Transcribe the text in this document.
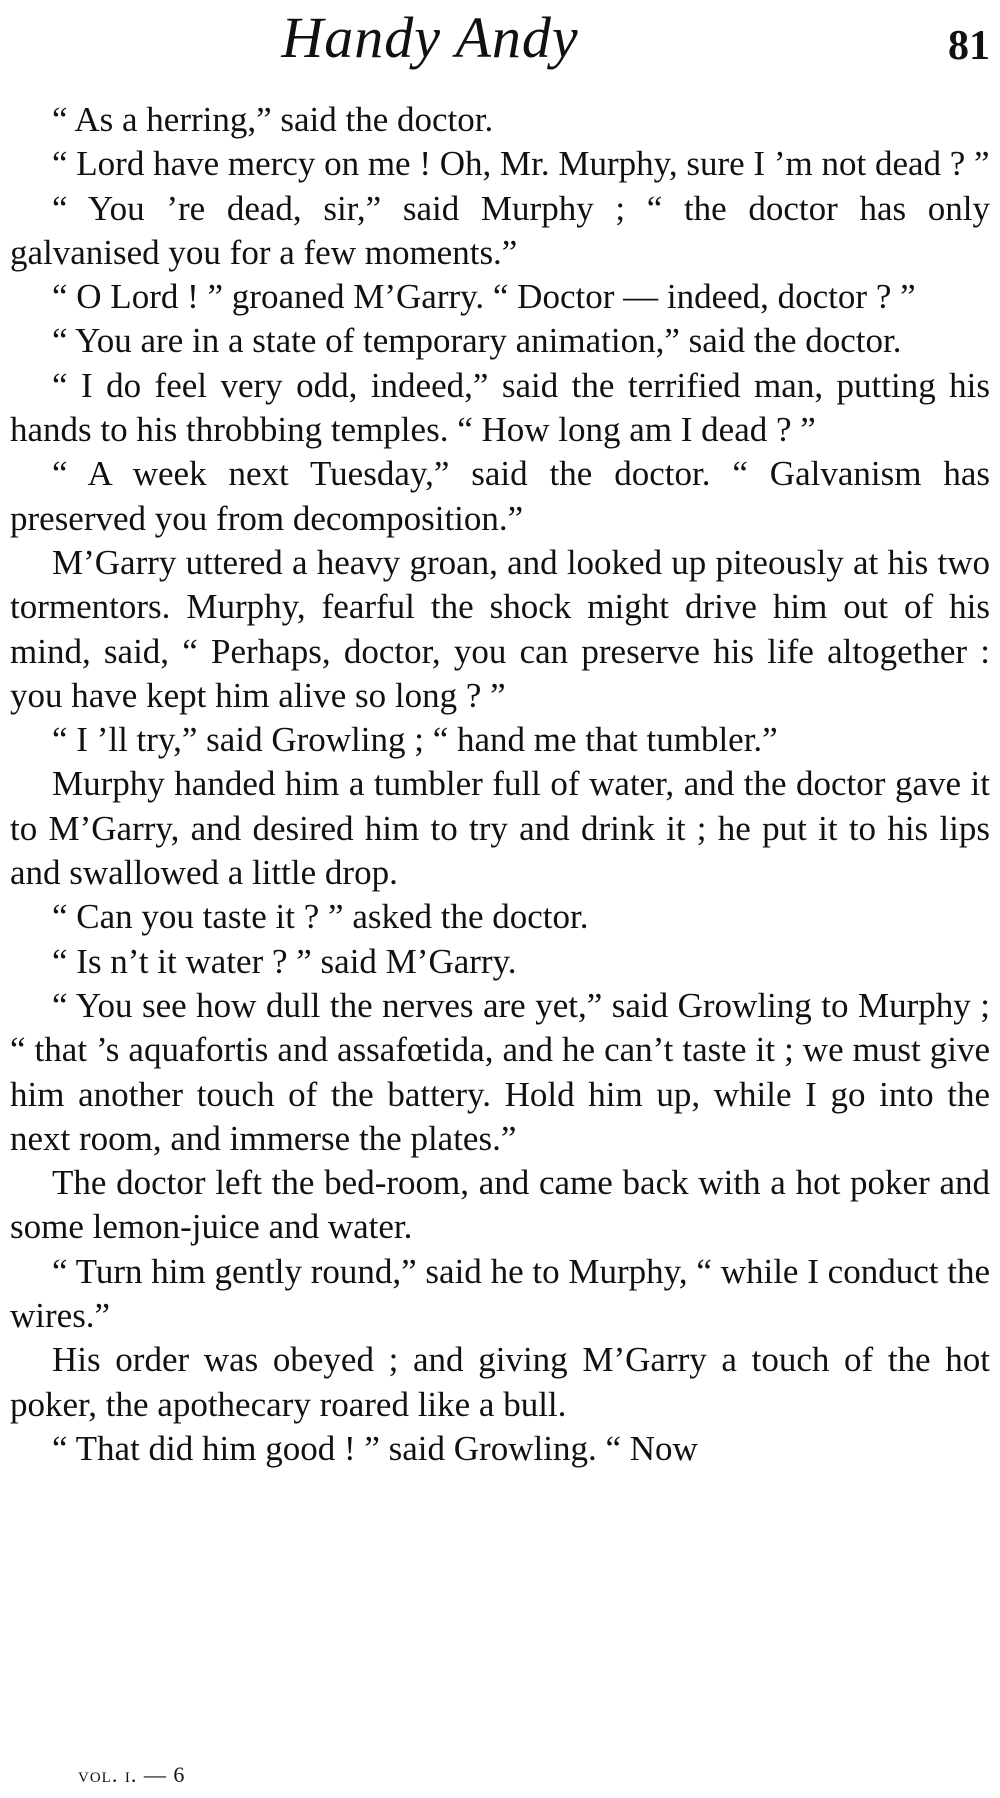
Handy Andy	81

“ As a herring,” said the doctor.

“ Lord have mercy on me ! Oh, Mr. Murphy, sure I ’m not dead ? ”

“ You ’re dead, sir,” said Murphy ; “ the doctor has only galvanised you for a few moments.”

“ O Lord ! ” groaned M’Garry. “ Doctor — indeed, doctor ? ”

“ You are in a state of temporary animation,” said the doctor.

“ I do feel very odd, indeed,” said the terrified man, putting his hands to his throbbing temples. “ How long am I dead ? ”

“ A week next Tuesday,” said the doctor. “ Galvanism has preserved you from decomposition.”

M’Garry uttered a heavy groan, and looked up piteously at his two tormentors. Murphy, fearful the shock might drive him out of his mind, said, “ Perhaps, doctor, you can preserve his life altogether : you have kept him alive so long ? ”

“ I ’ll try,” said Growling ; “ hand me that tumbler.”

Murphy handed him a tumbler full of water, and the doctor gave it to M’Garry, and desired him to try and drink it ; he put it to his lips and swallowed a little drop.

“ Can you taste it ? ” asked the doctor.

“ Is n’t it water ? ” said M’Garry.

“ You see how dull the nerves are yet,” said Growling to Murphy ; “ that ’s aquafortis and assafœtida, and he can’t taste it ; we must give him another touch of the battery. Hold him up, while I go into the next room, and immerse the plates.”

The doctor left the bed-room, and came back with a hot poker and some lemon-juice and water.

“ Turn him gently round,” said he to Murphy, “ while I conduct the wires.”

His order was obeyed ; and giving M’Garry a touch of the hot poker, the apothecary roared like a bull.

“ That did him good ! ” said Growling. “ Now

vol. i. — 6
